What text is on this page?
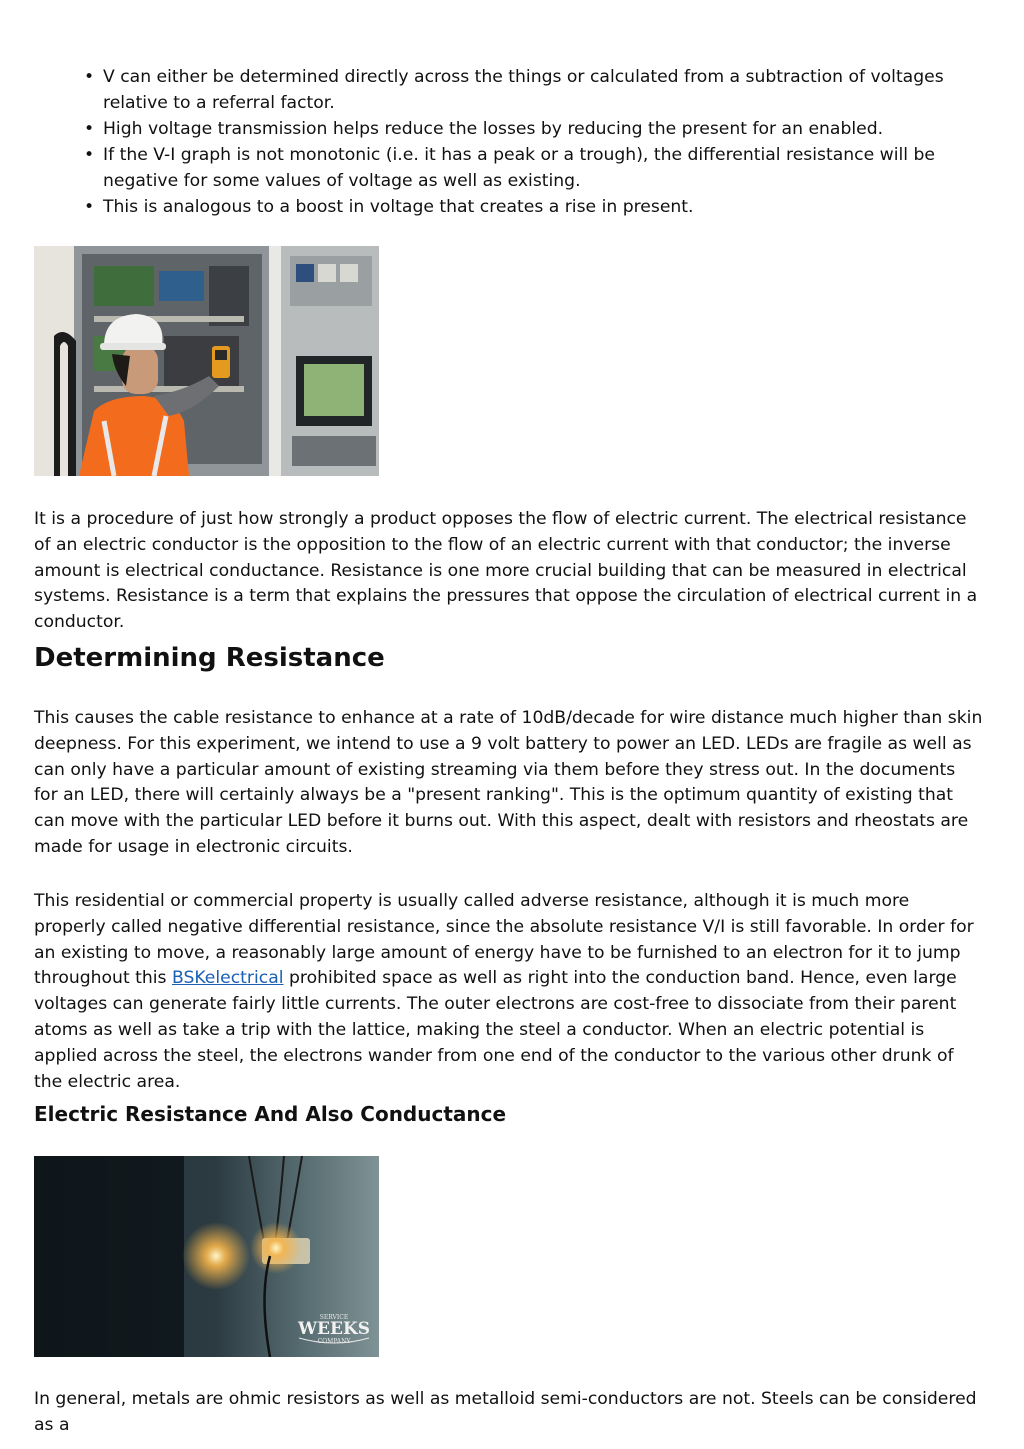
• V can either be determined directly across the things or calculated from a subtraction of voltages relative to a referral factor.
• High voltage transmission helps reduce the losses by reducing the present for an enabled.
• If the V-I graph is not monotonic (i.e. it has a peak or a trough), the differential resistance will be negative for some values of voltage as well as existing.
• This is analogous to a boost in voltage that creates a rise in present.

It is a procedure of just how strongly a product opposes the flow of electric current. The electrical resistance of an electric conductor is the opposition to the flow of an electric current with that conductor; the inverse amount is electrical conductance. Resistance is one more crucial building that can be measured in electrical systems. Resistance is a term that explains the pressures that oppose the circulation of electrical current in a conductor.

Determining Resistance

This causes the cable resistance to enhance at a rate of 10dB/decade for wire distance much higher than skin deepness. For this experiment, we intend to use a 9 volt battery to power an LED. LEDs are fragile as well as can only have a particular amount of existing streaming via them before they stress out. In the documents for an LED, there will certainly always be a "present ranking". This is the optimum quantity of existing that can move with the particular LED before it burns out. With this aspect, dealt with resistors and rheostats are made for usage in electronic circuits.

This residential or commercial property is usually called adverse resistance, although it is much more properly called negative differential resistance, since the absolute resistance V/I is still favorable. In order for an existing to move, a reasonably large amount of energy have to be furnished to an electron for it to jump throughout this BSKelectrical prohibited space as well as right into the conduction band. Hence, even large voltages can generate fairly little currents. The outer electrons are cost-free to dissociate from their parent atoms as well as take a trip with the lattice, making the steel a conductor. When an electric potential is applied across the steel, the electrons wander from one end of the conductor to the various other drunk of the electric area.

Electric Resistance And Also Conductance
SERVICE
WEEKS
COMPANY

In general, metals are ohmic resistors as well as metalloid semi-conductors are not. Steels can be considered as a
